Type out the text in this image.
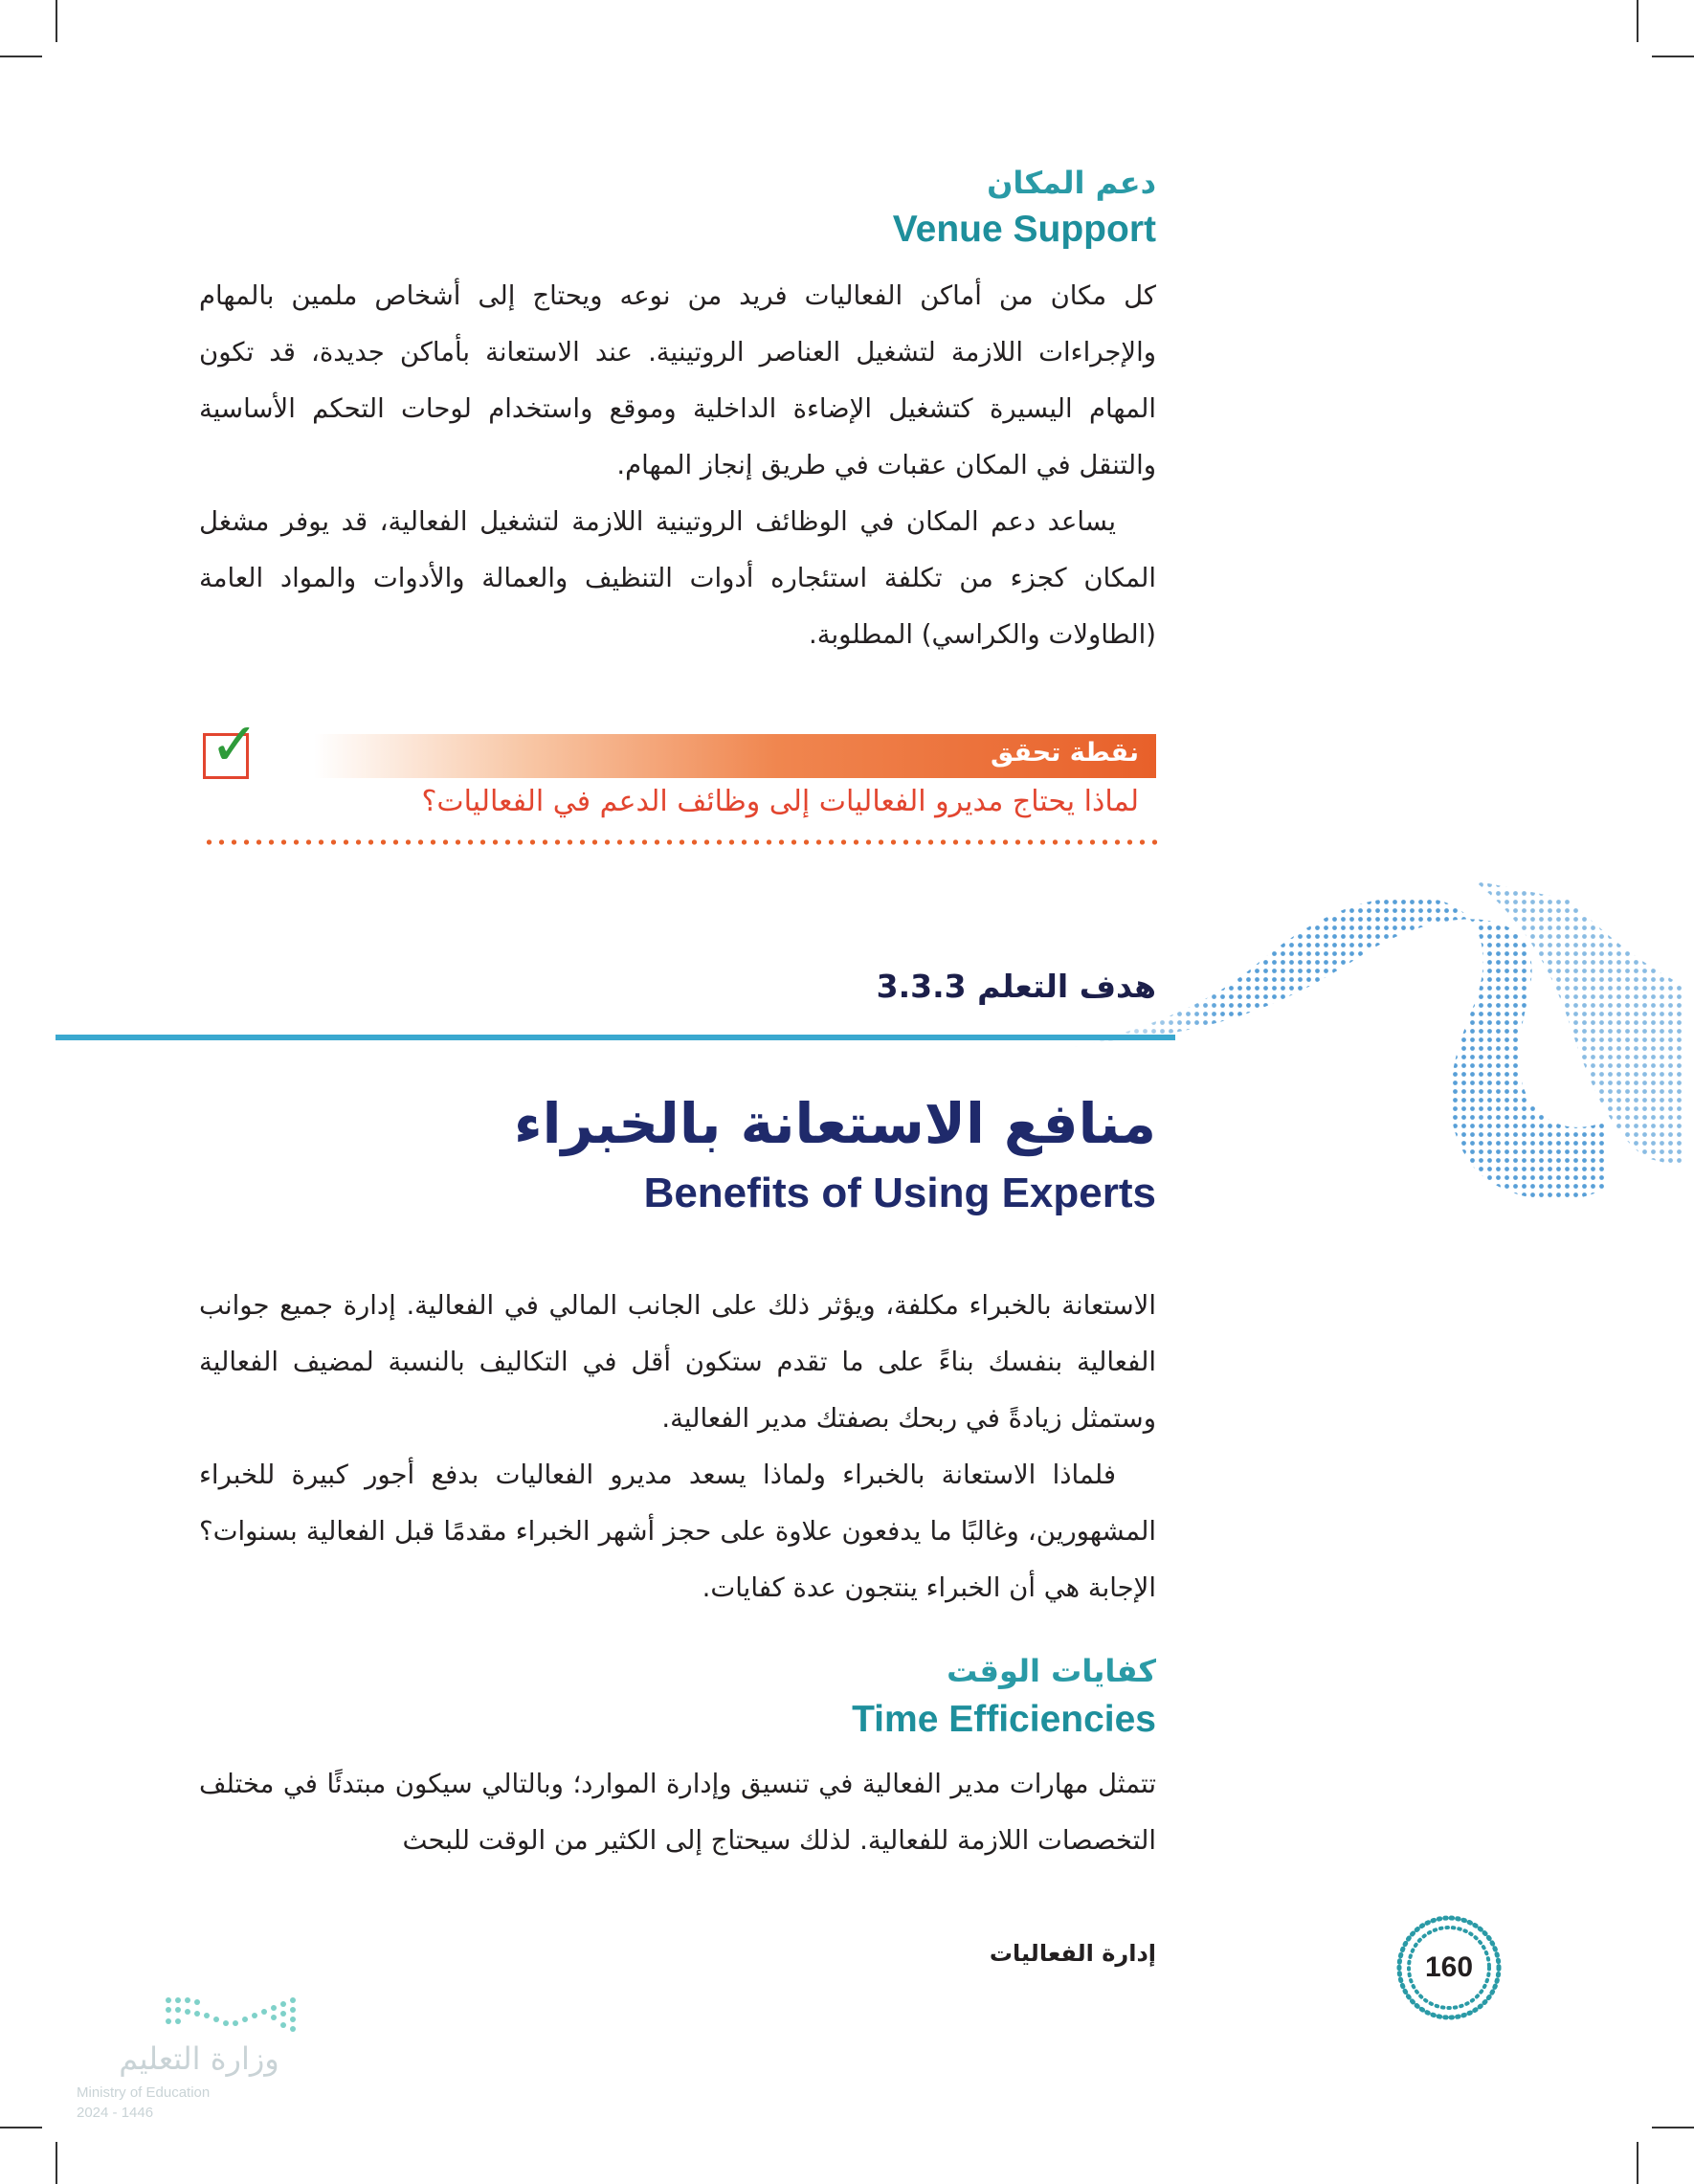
دعم المكان
Venue Support

كل مكان من أماكن الفعاليات فريد من نوعه ويحتاج إلى أشخاص ملمين بالمهام والإجراءات اللازمة لتشغيل العناصر الروتينية. عند الاستعانة بأماكن جديدة، قد تكون المهام اليسيرة كتشغيل الإضاءة الداخلية وموقع واستخدام لوحات التحكم الأساسية والتنقل في المكان عقبات في طريق إنجاز المهام.

يساعد دعم المكان في الوظائف الروتينية اللازمة لتشغيل الفعالية، قد يوفر مشغل المكان كجزء من تكلفة استئجاره أدوات التنظيف والعمالة والأدوات والمواد العامة (الطاولات والكراسي) المطلوبة.

✓	نقطة تحقق
لماذا يحتاج مديرو الفعاليات إلى وظائف الدعم في الفعاليات؟
هدف التعلم 3.3.3
منافع الاستعانة بالخبراء
Benefits of Using Experts

الاستعانة بالخبراء مكلفة، ويؤثر ذلك على الجانب المالي في الفعالية. إدارة جميع جوانب الفعالية بنفسك بناءً على ما تقدم ستكون أقل في التكاليف بالنسبة لمضيف الفعالية وستمثل زيادةً في ربحك بصفتك مدير الفعالية.

فلماذا الاستعانة بالخبراء ولماذا يسعد مديرو الفعاليات بدفع أجور كبيرة للخبراء المشهورين، وغالبًا ما يدفعون علاوة على حجز أشهر الخبراء مقدمًا قبل الفعالية بسنوات؟ الإجابة هي أن الخبراء ينتجون عدة كفايات.

كفايات الوقت
Time Efficiencies

تتمثل مهارات مدير الفعالية في تنسيق وإدارة الموارد؛ وبالتالي سيكون مبتدئًا في مختلف التخصصات اللازمة للفعالية. لذلك سيحتاج إلى الكثير من الوقت للبحث

إدارة الفعاليات	160
وزارة التعليم
Ministry of Education
2024 - 1446
